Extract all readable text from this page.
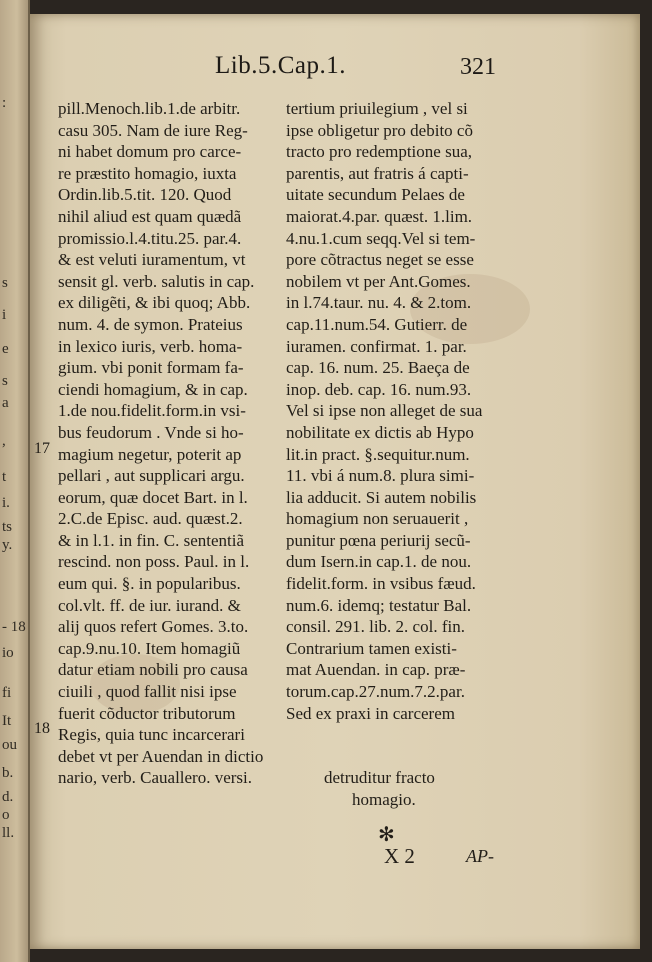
:
s
i
e
s
a
,
t
i.
ts
y.
- 18
io
fi
It
ou
b.
d.
o
ll.
Lib.5.Cap.1.	321
pill.Menoch.lib.1.de arbitr.
casu 305. Nam de iure Reg-
ni habet domum pro carce-
re præstito homagio, iuxta
Ordin.lib.5.tit. 120. Quod
nihil aliud est quam quædã
promissio.l.4.titu.25. par.4.
& est veluti iuramentum, vt
sensit gl. verb. salutis in cap.
ex diligẽti, & ibi quoq; Abb.
num. 4. de symon. Prateius
in lexico iuris, verb. homa-
gium. vbi ponit formam fa-
ciendi homagium, & in cap.
1.de nou.fidelit.form.in vsi-
bus feudorum . Vnde si ho-
magium negetur, poterit ap
pellari , aut supplicari argu.
eorum, quæ docet Bart. in l.
2.C.de Episc. aud. quæst.2.
& in l.1. in fin. C. sententiã
rescind. non poss. Paul. in l.
eum qui. §. in popularibus.
col.vlt. ff. de iur. iurand. &
alij quos refert Gomes. 3.to.
cap.9.nu.10. Item homagiũ
datur etiam nobili pro causa
ciuili , quod fallit nisi ipse
fuerit cõductor tributorum
Regis, quia tunc incarcerari
debet vt per Auendan in dictio
nario, verb. Cauallero. versi.
tertium priuilegium , vel si
ipse obligetur pro debito cõ
tracto pro redemptione sua,
parentis, aut fratris á capti-
uitate secundum Pelaes de
maiorat.4.par. quæst. 1.lim.
4.nu.1.cum seqq.Vel si tem-
pore cõtractus neget se esse
nobilem vt per Ant.Gomes.
in l.74.taur. nu. 4. & 2.tom.
cap.11.num.54. Gutierr. de
iuramen. confirmat. 1. par.
cap. 16. num. 25. Baeça de
inop. deb. cap. 16. num.93.
Vel si ipse non alleget de sua
nobilitate ex dictis ab Hypo
lit.in pract. §.sequitur.num.
11. vbi á num.8. plura simi-
lia adducit. Si autem nobilis
homagium non seruauerit ,
punitur pœna periurij secũ-
dum Isern.in cap.1. de nou.
fidelit.form. in vsibus fæud.
num.6. idemq; testatur Bal.
consil. 291. lib. 2. col. fin.
Contrarium tamen existi-
mat Auendan. in cap. præ-
torum.cap.27.num.7.2.par.
Sed ex praxi in carcerem
17
18
detruditur fracto
homagio.
✻
X 2	AP-
